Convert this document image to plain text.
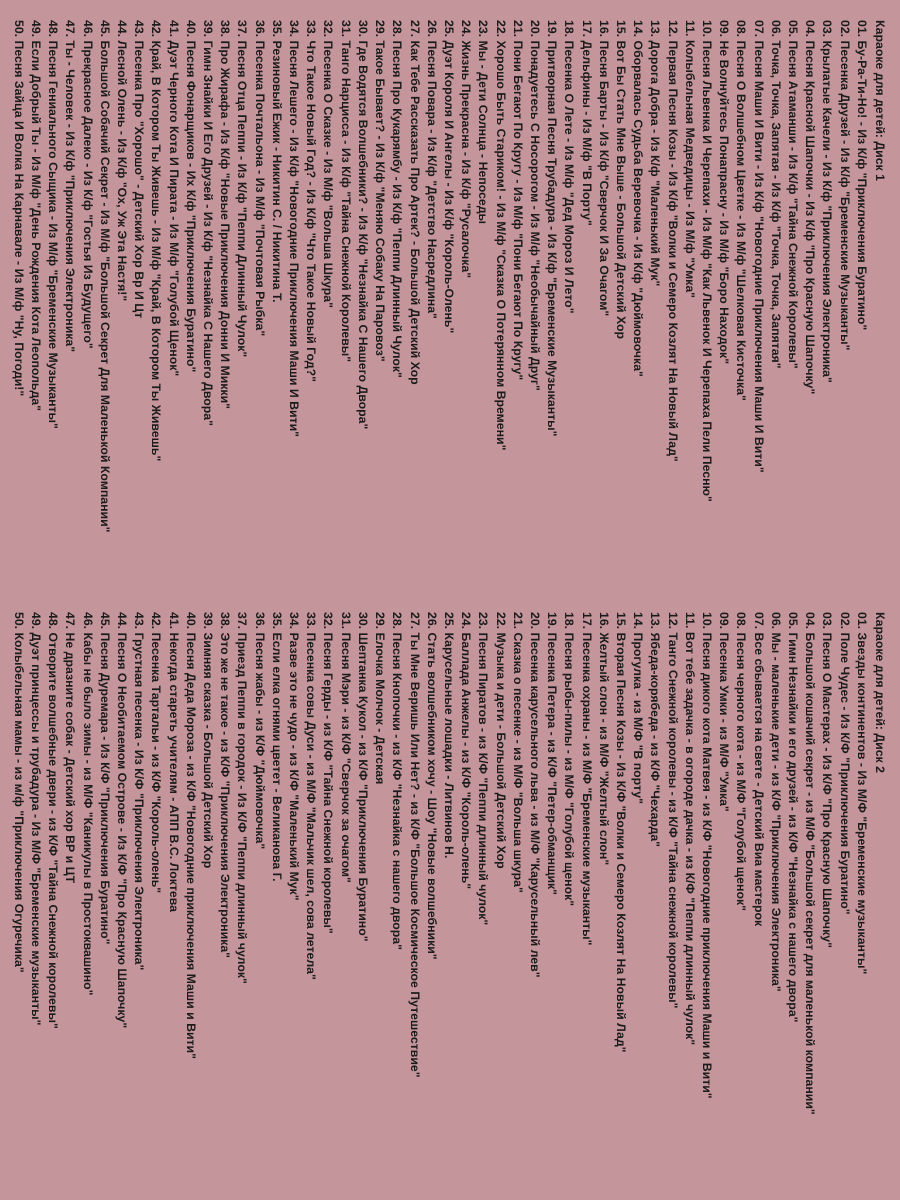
Караоке для детей: Диск 1
01. Бу-Ра-Ти-Но! - Из К/ф "Приключения Буратино"
02. Песенка Друзей - Из К/ф "Бременские Музыканты"
03. Крылатые Качели - Из К/ф "Приключения Электроника"
04. Песня Красной Шапочки - Из К/ф "Про Красную Шапочку"
05. Песня Атаманши - Из К/ф "Тайна Снежной Королевы"
06. Точка, Точка, Запятая - Из К/ф "Точка, Точка, Запятая"
07. Песня Маши И Вити - Из К/ф "Новогодние Приключения Маши И Вити"
08. Песня О Волшебном Цветке - Из М/ф "Шелковая Кисточка"
09. Не Волнуйтесь Понапрасну - Из М/ф "Боро Находок"
10. Песня Львенка И Черепахи - Из М/ф "Как Львенок И Черепаха Пели Песню"
11. Колыбельная Медведицы - Из М/ф "Умка"
12. Первая Песня Козы - Из К/ф "Волки и Семеро Козлят На Новый Лад"
13. Дорога Добра - Из К/ф "Маленький Мук"
14. Оборвалась Судьба Веревочка - Из К/ф "Дюймовочка"
15. Вот Бы Стать Мне Выше - Большой Детский Хор
16. Песня Барты - Из К/ф "Сверчок И За Очагом"
17. Дельфины - Из М/ф "В Порту"
18. Песенка О Лете - Из М/ф "Дед Мороз И Лето"
19. Притворная Песня Трубадура - Из К/ф "Бременские Музыканты"
20. Понадуетесь С Носорогом - Из М/ф "Необычайный Друг"
21. Пони Бегают По Кругу - Из М/ф "Пони Бегают По Кругу"
22. Хорошо Быть Стариком! - Из М/ф "Сказка О Потерянном Времени"
23. Мы - Дети Солнца - Непоседы
24. Жизнь Прекрасна - Из К/ф "Русалочка"
25. Дуэт Короля И Ангелы - Из К/ф "Король-Олень"
26. Песня Повара - Из К/ф "Детство Насредлина"
27. Как Тебе Рассказать Про Артек? - Большой Детский Хор
28. Песня Про Кукарямбу - Из К/ф "Пеппи Длинный Чулок"
29. Такое Бывает? - Из К/ф "Меняю Собаку На Паровоз"
30. Где Водятся Волшебники? - Из К/ф "Незнайка С Нашего Двора"
31. Танго Нарцисса - Из К/ф "Тайна Снежной Королевы"
32. Песенка О Сказке - Из М/ф "Вольша Шкура"
33. Что Такое Новый Год? - Из К/ф "Что Такое Новый Год?"
34. Песня Лешего - Из К/ф "Новогодние Приключения Маши И Вити"
35. Резиновый Ежик - Никитин С. / Никитина Т.
36. Песенка Почтальона - Из М/ф "Почтовая Рыбка"
37. Песня Отца Пеппи - Из К/ф "Пеппи Длинный Чулок"
38. Про Жирафа - Из К/ф "Новые Приключения Донни И Микки"
39. Гимн Знайки И Его Друзей - Из К/ф "Незнайка С Нашего Двора"
40. Песня Фонарщиков - Их К/ф "Приключения Буратино"
41. Дуэт Черного Кота И Пирата - Из М/ф "Голубой Щенок"
42. Край, В Котором Ты Живешь - Из М/ф "Край, В Котором Ты Живешь"
43. Песенка Про "Хорошо" - Детский Хор Вр И Цт
44. Лесной Олень - Из К/ф "Ох, Уж Эта Настя!"
45. Большой Собачий Секрет - Из М/ф "Большой Секрет Для Маленькой Компании"
46. Прекрасное Далеко - Из К/ф "Гостья Из Будущего"
47. Ты - Человек - Из К/ф "Приключения Электроника"
48. Песня Гениального Сыщика - Из М/ф "Бременские Музыканты"
49. Если Добрый Ты - Из М/ф "День Рождения Кота Леопольда"
50. Песня Зайца И Волка На Карнавале - Из М/ф "Ну, Погоди!"
Караоке для детей: Диск 2
01. Звезды континентов - Из М/Ф "Бременские музыканты"
02. Поле Чудес - Из К/Ф "Приключения Буратино"
03. Песня О Мастерах - Из К/Ф "Про Красную Шапочку"
04. Большой кошачий секрет - из М/Ф "Большой секрет для маленькой компании"
05. Гимн Незнайки и его друзей - из К/Ф "Незнайка с нашего двора"
06. Мы - маленькие дети - из К/Ф "Приключения Электроника"
07. Все сбывается на свете - Детский Виа мастерок
08. Песня черного кота - из М/Ф "Голубой щенок"
09. Песенка Умки - из М/Ф "Умка"
10. Песня дикого кота Матвея - из К/Ф "Новогодние приключения Маши и Вити"
11. Вот тебе задачка - в огороде дачка - из К/Ф "Пеппи длинный чулок"
12. Танго Снежной королевы - из К/Ф "Тайна снежной королевы"
13. Ябеда-корябеда - из К/Ф "Чехарда"
14. Прогулка - из М/Ф "В порту"
15. Вторая Песня Козы - Из К/Ф "Волки и Семеро Козлят На Новый Лад"
16. Желтый слон - из М/Ф "Желтый слон"
17. Песенка охраны - из М/Ф "Бременские музыканты"
18. Песня рыбы-пилы - из М/Ф "Голубой щенок"
19. Песенка Петера - из К/Ф "Петер-обманщик"
20. Песенка карусельного льва - из М/Ф "Карусельный лев"
21. Сказка о песенке - из М/Ф "Вольша шкура"
22. Музыка и дети - Большой Детский Хор
23. Песня Пиратов - из К/Ф "Пеппи длинный чулок"
24. Баллада Анжелы - из К/Ф "Король-олень"
25. Карусельные лошадки - Литвинов Н.
26. Стать волшебником хочу - Шоу "Новые волшебники"
27. Ты Мне Веришь Или Нет? - из К/Ф "Большое Космическое Путешествие"
28. Песня Кнопочки - из К/Ф "Незнайка с нашего двора"
29. Елочка Молчок - Детская
30. Шептанка Кукол - из К/Ф "Приключения Буратино"
31. Песня Мэри - из К/Ф "Сверчок за очагом"
32. Песня Герды - из К/Ф "Тайна Снежной королевы"
33. Песенка совы Дуси - из М/Ф "Мальчик шел, сова летела"
34. Разве это не чудо - из К/Ф "Маленький Мук"
35. Если елка огнями цветет - Великанова Г.
36. Песня жабы - из К/Ф "Дюймовочка"
37. Приезд Пеппи в городок - Из К/Ф "Пеппи длинный чулок"
38. Это же не такое - из К/Ф "Приключения Электроника"
39. Зимняя сказка - Большой Детский Хор
40. Песня Деда Мороза - из К/Ф "Новогодние приключения Маши и Вити"
41. Некогда стареть учителям - АПП В.С. Локтева
42. Песенка Тартальи - из К/Ф "Король-олень"
43. Грустная песенка - Из К/Ф "Приключения Электроника"
44. Песня О Необитаемом Острове - Из К/Ф "Про Красную Шапочку"
45. Песня Дуремара - Из К/Ф "Приключения Буратино"
46. Кабы не было зимы - из М/Ф "Каникулы в Простоквашино"
47. Не дразните собак - Детский хор ВР и ЦТ
48. Отворите волшебные двери - из К/Ф "Тайна Снежной королевы"
49. Дуэт принцессы и трубадура - Из М/Ф "Бременские музыканты"
50. Колыбельная мамы - из м/ф "Приключения Огуречика"
